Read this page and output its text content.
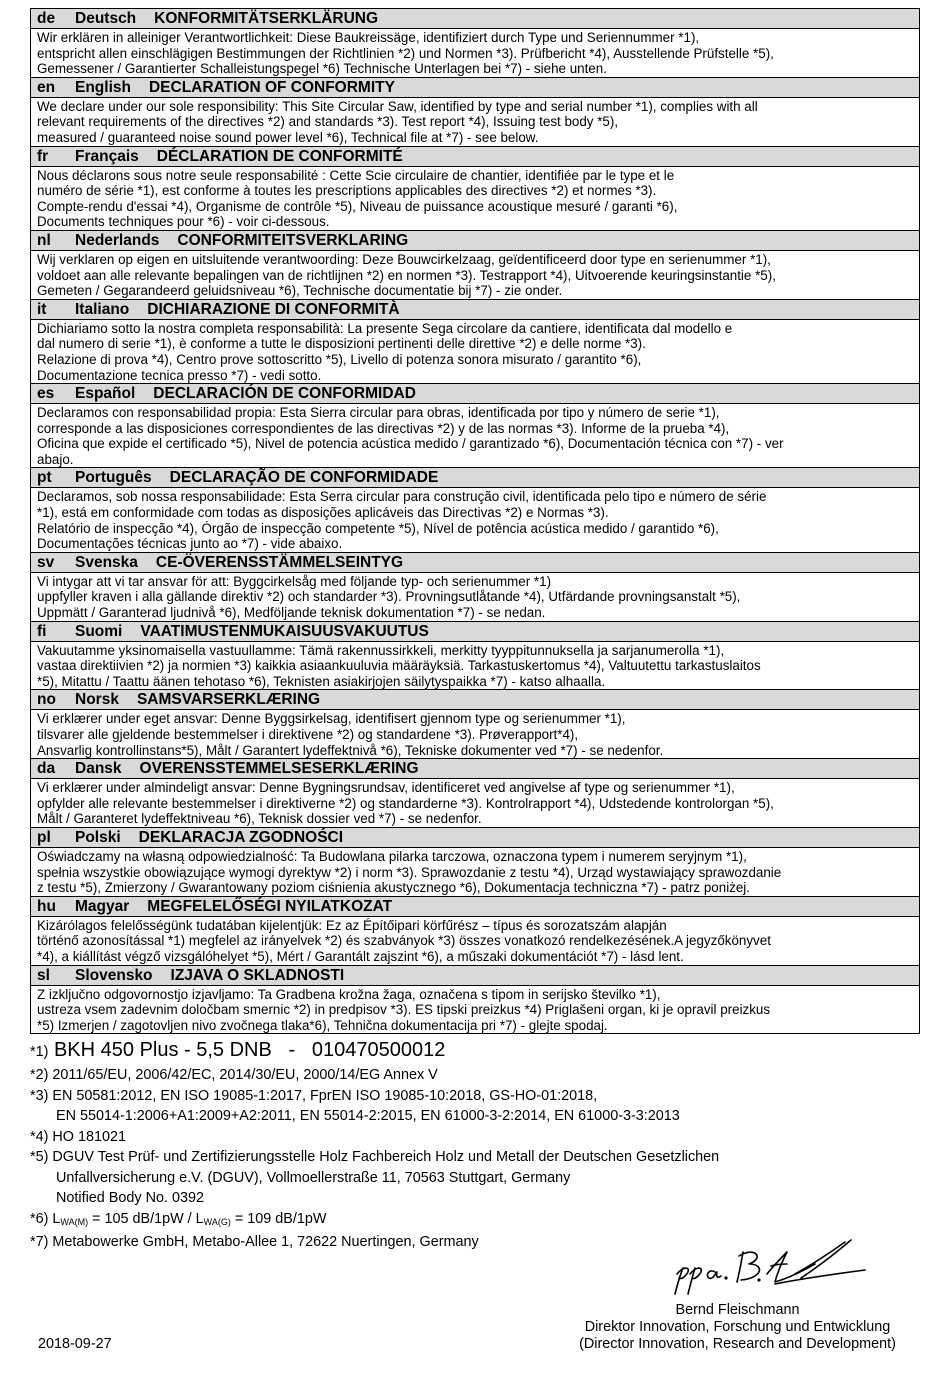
de Deutsch KONFORMITÄTSERKLÄRUNG
Wir erklären in alleiniger Verantwortlichkeit: Diese Baukreissäge, identifiziert durch Type und Seriennummer *1),
entspricht allen einschlägigen Bestimmungen der Richtlinien *2) und Normen *3). Prüfbericht *4), Ausstellende Prüfstelle *5),
Gemessener / Garantierter Schalleistungspegel *6) Technische Unterlagen bei *7) - siehe unten.
en English DECLARATION OF CONFORMITY
We declare under our sole responsibility: This Site Circular Saw, identified by type and serial number *1), complies with all
relevant requirements of the directives *2) and standards *3). Test report *4), Issuing test body *5),
measured / guaranteed noise sound power level *6), Technical file at *7) - see below.
fr Français DÉCLARATION DE CONFORMITÉ
Nous déclarons sous notre seule responsabilité : Cette Scie circulaire de chantier, identifiée par le type et le
numéro de série *1), est conforme à toutes les prescriptions applicables des directives *2) et normes *3).
Compte-rendu d'essai *4), Organisme de contrôle *5), Niveau de puissance acoustique mesuré / garanti *6),
Documents techniques pour *6) - voir ci-dessous.
nl Nederlands CONFORMITEITSVERKLARING
Wij verklaren op eigen en uitsluitende verantwoording: Deze Bouwcirkelzaag, geïdentificeerd door type en serienummer *1),
voldoet aan alle relevante bepalingen van de richtlijnen *2) en normen *3). Testrapport *4), Uitvoerende keuringsinstantie *5),
Gemeten / Gegarandeerd geluidsniveau *6), Technische documentatie bij *7) - zie onder.
it Italiano DICHIARAZIONE DI CONFORMITÀ
Dichiariamo sotto la nostra completa responsabilità: La presente Sega circolare da cantiere, identificata dal modello e
dal numero di serie *1), è conforme a tutte le disposizioni pertinenti delle direttive *2) e delle norme *3).
Relazione di prova *4), Centro prove sottoscritto *5), Livello di potenza sonora misurato / garantito *6),
Documentazione tecnica presso *7) - vedi sotto.
es Español DECLARACIÓN DE CONFORMIDAD
Declaramos con responsabilidad propia: Esta Sierra circular para obras, identificada por tipo y número de serie *1),
corresponde a las disposiciones correspondientes de las directivas *2) y de las normas *3). Informe de la prueba *4),
Oficina que expide el certificado *5), Nivel de potencia acústica medido / garantizado *6), Documentación técnica con *7) - ver
abajo.
pt Português DECLARAÇÃO DE CONFORMIDADE
Declaramos, sob nossa responsabilidade: Esta Serra circular para construção civil, identificada pelo tipo e número de série
*1), está em conformidade com todas as disposições aplicáveis das Directivas *2) e Normas *3).
Relatório de inspecção *4), Órgão de inspecção competente *5), Nível de potência acústica medido / garantido *6),
Documentações técnicas junto ao *7) - vide abaixo.
sv Svenska CE-ÖVERENSSTÄMMELSEINTYG
Vi intygar att vi tar ansvar för att: Byggcirkelsåg med följande typ- och serienummer *1)
uppfyller kraven i alla gällande direktiv *2) och standarder *3). Provningsutlåtande *4), Utfärdande provningsanstalt *5),
Uppmätt / Garanterad ljudnivå *6), Medföljande teknisk dokumentation *7) - se nedan.
fi Suomi VAATIMUSTENMUKAISUUSVAKUUTUS
Vakuutamme yksinomaisella vastuullamme: Tämä rakennussirkkeli, merkitty tyyppitunnuksella ja sarjanumerolla *1),
vastaa direktiivien *2) ja normien *3) kaikkia asiaankuuluvia määräyksiä. Tarkastuskertomus *4), Valtuutettu tarkastuslaitos
*5), Mitattu / Taattu äänen tehotaso *6), Teknisten asiakirjojen säilytyspaikka *7) - katso alhaalla.
no Norsk SAMSVARSERKLÆRING
Vi erklærer under eget ansvar: Denne Byggsirkelsag, identifisert gjennom type og serienummer *1),
tilsvarer alle gjeldende bestemmelser i direktivene *2) og standardene *3). Prøverapport*4),
Ansvarlig kontrollinstans*5), Målt / Garantert lydeffektnivå *6), Tekniske dokumenter ved *7) - se nedenfor.
da Dansk OVERENSSTEMMELSESERKLÆRING
Vi erklærer under almindeligt ansvar: Denne Bygningsrundsav, identificeret ved angivelse af type og serienummer *1),
opfylder alle relevante bestemmelser i direktiverne *2) og standarderne *3). Kontrolrapport *4), Udstedende kontrolorgan *5),
Målt / Garanteret lydeffektniveau *6), Teknisk dossier ved *7) - se nedenfor.
pl Polski DEKLARACJA ZGODNOŚCI
Oświadczamy na własną odpowiedzialność: Ta Budowlana pilarka tarczowa, oznaczona typem i numerem seryjnym *1),
spełnia wszystkie obowiązujące wymogi dyrektyw *2) i norm *3). Sprawozdanie z testu *4), Urząd wystawiający sprawozdanie
z testu *5), Zmierzony / Gwarantowany poziom ciśnienia akustycznego *6), Dokumentacja techniczna *7) - patrz poniżej.
hu Magyar MEGFELELŐSÉGI NYILATKOZAT
Kizárólagos felelősségünk tudatában kijelentjük: Ez az Építőipari körfűrész – típus és sorozatszám alapján
történő azonosítással *1) megfelel az irányelvek *2) és szabványok *3) összes vonatkozó rendelkezésének.A jegyzőkönyvet
*4), a kiállítást végző vizsgálóhelyet *5), Mért / Garantált zajszint *6), a műszaki dokumentációt *7) - lásd lent.
sl Slovensko IZJAVA O SKLADNOSTI
Z izključno odgovornostjo izjavljamo: Ta Gradbena krožna žaga, označena s tipom in serijsko številko *1),
ustreza vsem zadevnim določbam smernic *2) in predpisov *3). ES tipski preizkus *4) Priglašeni organ, ki je opravil preizkus
*5) Izmerjen / zagotovljen nivo zvočnega tlaka*6), Tehnična dokumentacija pri *7) - glejte spodaj.
*1) BKH 450 Plus - 5,5 DNB - 010470500012
*2) 2011/65/EU, 2006/42/EC, 2014/30/EU, 2000/14/EG Annex V
*3) EN 50581:2012, EN ISO 19085-1:2017, FprEN ISO 19085-10:2018, GS-HO-01:2018,
EN 55014-1:2006+A1:2009+A2:2011, EN 55014-2:2015, EN 61000-3-2:2014, EN 61000-3-3:2013
*4) HO 181021
*5) DGUV Test Prüf- und Zertifizierungsstelle Holz Fachbereich Holz und Metall der Deutschen Gesetzlichen
Unfallversicherung e.V. (DGUV), Vollmoellerstraße 11, 70563 Stuttgart, Germany
Notified Body No. 0392
*6) $L_{WA(M)} = 105$ $dB/1pW / L_{WA(G)} = 109$ dB/1pW
*7) Metabowerke GmbH, Metabo-Allee 1, 72622 Nuertingen, Germany
Bernd Fleischmann
Direktor Innovation, Forschung und Entwicklung
(Director Innovation, Research and Development)
2018-09-27
